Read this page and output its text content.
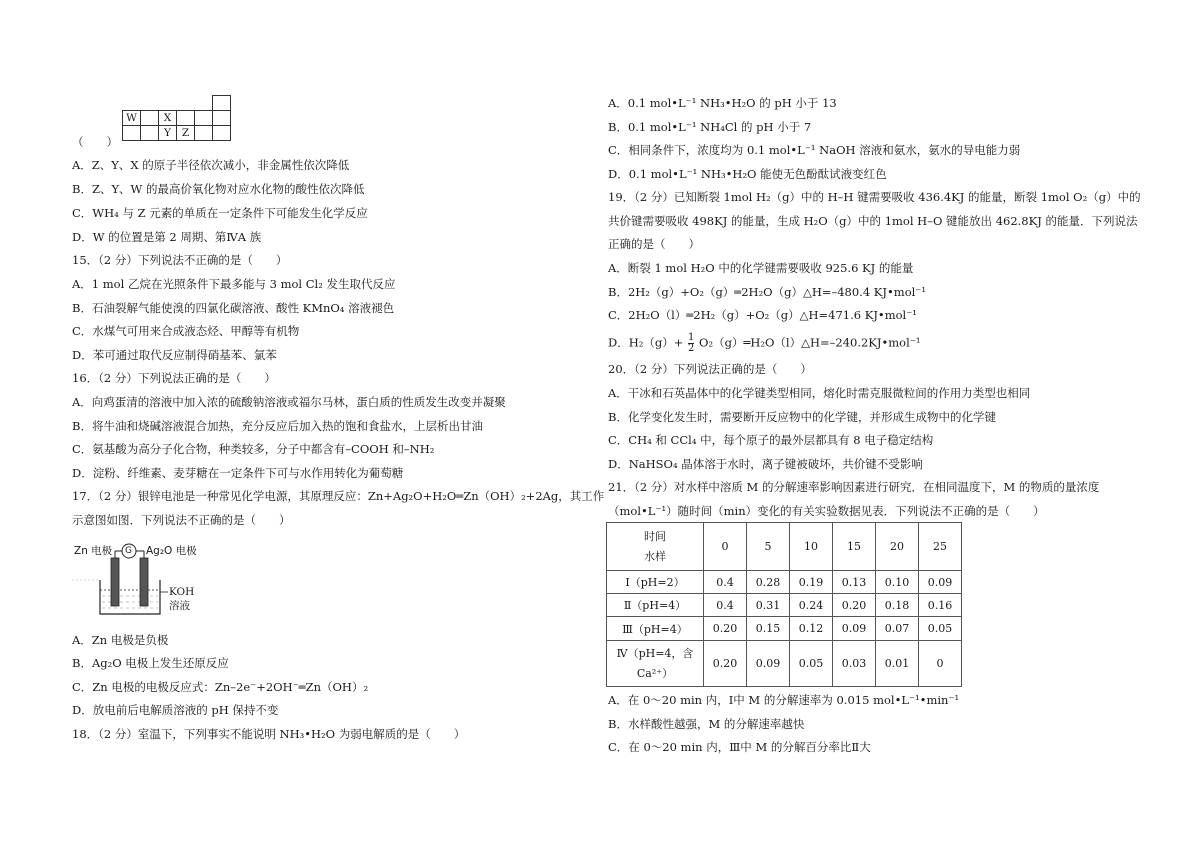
W		X			
		Y	Z		
（　　）
A．Z、Y、X 的原子半径依次减小，非金属性依次降低
B．Z、Y、W 的最高价氧化物对应水化物的酸性依次降低
C．WH₄ 与 Z 元素的单质在一定条件下可能发生化学反应
D．W 的位置是第 2 周期、第ⅣA 族
15．（2 分）下列说法不正确的是（　　）
A．1 mol 乙烷在光照条件下最多能与 3 mol Cl₂ 发生取代反应
B．石油裂解气能使溴的四氯化碳溶液、酸性 KMnO₄ 溶液褪色
C．水煤气可用来合成液态烃、甲醇等有机物
D．苯可通过取代反应制得硝基苯、氯苯
16．（2 分）下列说法正确的是（　　）
A．向鸡蛋清的溶液中加入浓的硫酸钠溶液或福尔马林，蛋白质的性质发生改变并凝聚
B．将牛油和烧碱溶液混合加热，充分反应后加入热的饱和食盐水，上层析出甘油
C．氨基酸为高分子化合物，种类较多，分子中都含有–COOH 和–NH₂
D．淀粉、纤维素、麦芽糖在一定条件下可与水作用转化为葡萄糖
17．（2 分）银锌电池是一种常见化学电源，其原理反应：Zn+Ag₂O+H₂O═Zn（OH）₂+2Ag，其工作
示意图如图．下列说法不正确的是（　　）
A．Zn 电极是负极
B．Ag₂O 电极上发生还原反应
C．Zn 电极的电极反应式：Zn–2e⁻+2OH⁻═Zn（OH）₂
D．放电前后电解质溶液的 pH 保持不变
18．（2 分）室温下，下列事实不能说明 NH₃•H₂O 为弱电解质的是（　　）
Zn 电极 G Ag₂O 电极
KOH
溶液
A．0.1 mol•L⁻¹ NH₃•H₂O 的 pH 小于 13
B．0.1 mol•L⁻¹ NH₄Cl 的 pH 小于 7
C．相同条件下，浓度均为 0.1 mol•L⁻¹ NaOH 溶液和氨水，氨水的导电能力弱
D．0.1 mol•L⁻¹ NH₃•H₂O 能使无色酚酞试液变红色
19．（2 分）已知断裂 1mol H₂（g）中的 H–H 键需要吸收 436.4KJ 的能量，断裂 1mol O₂（g）中的
共价键需要吸收 498KJ 的能量，生成 H₂O（g）中的 1mol H–O 键能放出 462.8KJ 的能量．下列说法
正确的是（　　）
A．断裂 1 mol H₂O 中的化学键需要吸收 925.6 KJ 的能量
B．2H₂（g）+O₂（g）═2H₂O（g）△H=–480.4 KJ•mol⁻¹
C．2H₂O（l）═2H₂（g）+O₂（g）△H=471.6 KJ•mol⁻¹
D．$H_2(g)+ \frac{1}{2}$ O₂（g）═H₂O（l）△H=–240.2KJ•mol⁻¹
20．（2 分）下列说法正确的是（　　）
A．干冰和石英晶体中的化学键类型相同，熔化时需克服微粒间的作用力类型也相同
B．化学变化发生时，需要断开反应物中的化学键，并形成生成物中的化学键
C．CH₄ 和 CCl₄ 中，每个原子的最外层都具有 8 电子稳定结构
D．NaHSO₄ 晶体溶于水时，离子键被破坏，共价键不受影响
21．（2 分）对水样中溶质 M 的分解速率影响因素进行研究．在相同温度下，M 的物质的量浓度
（mol•L⁻¹）随时间（min）变化的有关实验数据见表．下列说法不正确的是（　　）
A．在 0～20 min 内，Ⅰ中 M 的分解速率为 0.015 mol•L⁻¹•min⁻¹
B．水样酸性越强，M 的分解速率越快
C．在 0～20 min 内，Ⅲ中 M 的分解百分率比Ⅱ大
时间
水样	0	5	10	15	20	25
Ⅰ（pH=2）	0.4	0.28	0.19	0.13	0.10	0.09
Ⅱ（pH=4）	0.4	0.31	0.24	0.20	0.18	0.16
Ⅲ（pH=4）	0.20	0.15	0.12	0.09	0.07	0.05

Ⅳ（pH=4，含
Ca²⁺）	0.20	0.09	0.05	0.03	0.01	0
